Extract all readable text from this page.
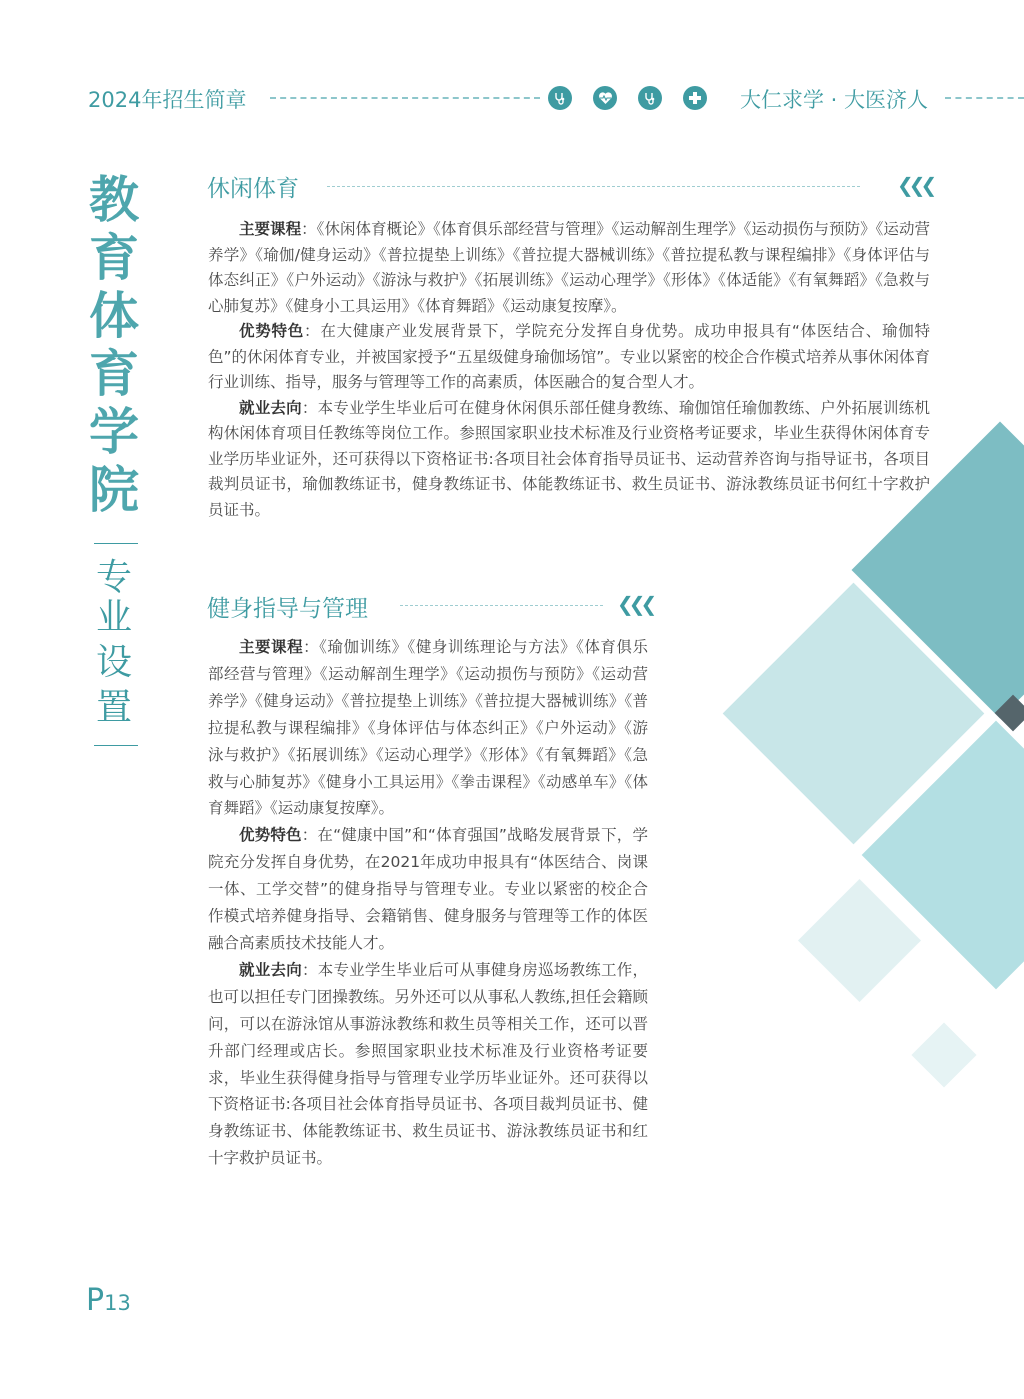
2024年招生简章	大仁求学 · 大医济人
教
育
体
育
学
院
专
业
设
置
休闲体育	❮❮❮

主要课程：《休闲体育概论》《体育俱乐部经营与管理》《运动解剖生理学》《运动损伤与预防》《运动营养学》《瑜伽/健身运动》《普拉提垫上训练》《普拉提大器械训练》《普拉提私教与课程编排》《身体评估与体态纠正》《户外运动》《游泳与救护》《拓展训练》《运动心理学》《形体》《体适能》《有氧舞蹈》《急救与心肺复苏》《健身小工具运用》《体育舞蹈》《运动康复按摩》。

优势特色：在大健康产业发展背景下，学院充分发挥自身优势。成功申报具有“体医结合、瑜伽特色”的休闲体育专业，并被国家授予“五星级健身瑜伽场馆”。专业以紧密的校企合作模式培养从事休闲体育行业训练、指导，服务与管理等工作的高素质，体医融合的复合型人才。

就业去向：本专业学生毕业后可在健身休闲俱乐部任健身教练、瑜伽馆任瑜伽教练、户外拓展训练机构休闲体育项目任教练等岗位工作。参照国家职业技术标准及行业资格考证要求，毕业生获得休闲体育专业学历毕业证外，还可获得以下资格证书:各项目社会体育指导员证书、运动营养咨询与指导证书，各项目裁判员证书，瑜伽教练证书，健身教练证书、体能教练证书、救生员证书、游泳教练员证书何红十字救护员证书。

健身指导与管理	❮❮❮

主要课程：《瑜伽训练》《健身训练理论与方法》《体育俱乐部经营与管理》《运动解剖生理学》《运动损伤与预防》《运动营养学》《健身运动》《普拉提垫上训练》《普拉提大器械训练》《普拉提私教与课程编排》《身体评估与体态纠正》《户外运动》《游泳与救护》《拓展训练》《运动心理学》《形体》《有氧舞蹈》《急救与心肺复苏》《健身小工具运用》《拳击课程》《动感单车》《体育舞蹈》《运动康复按摩》。

优势特色：在“健康中国”和“体育强国”战略发展背景下，学院充分发挥自身优势，在2021年成功申报具有“体医结合、岗课一体、工学交替”的健身指导与管理专业。专业以紧密的校企合作模式培养健身指导、会籍销售、健身服务与管理等工作的体医融合高素质技术技能人才。

就业去向：本专业学生毕业后可从事健身房巡场教练工作，也可以担任专门团操教练。另外还可以从事私人教练,担任会籍顾问，可以在游泳馆从事游泳教练和救生员等相关工作，还可以晋升部门经理或店长。参照国家职业技术标准及行业资格考证要求，毕业生获得健身指导与管理专业学历毕业证外。还可获得以下资格证书:各项目社会体育指导员证书、各项目裁判员证书、健身教练证书、体能教练证书、救生员证书、游泳教练员证书和红十字救护员证书。

P13
